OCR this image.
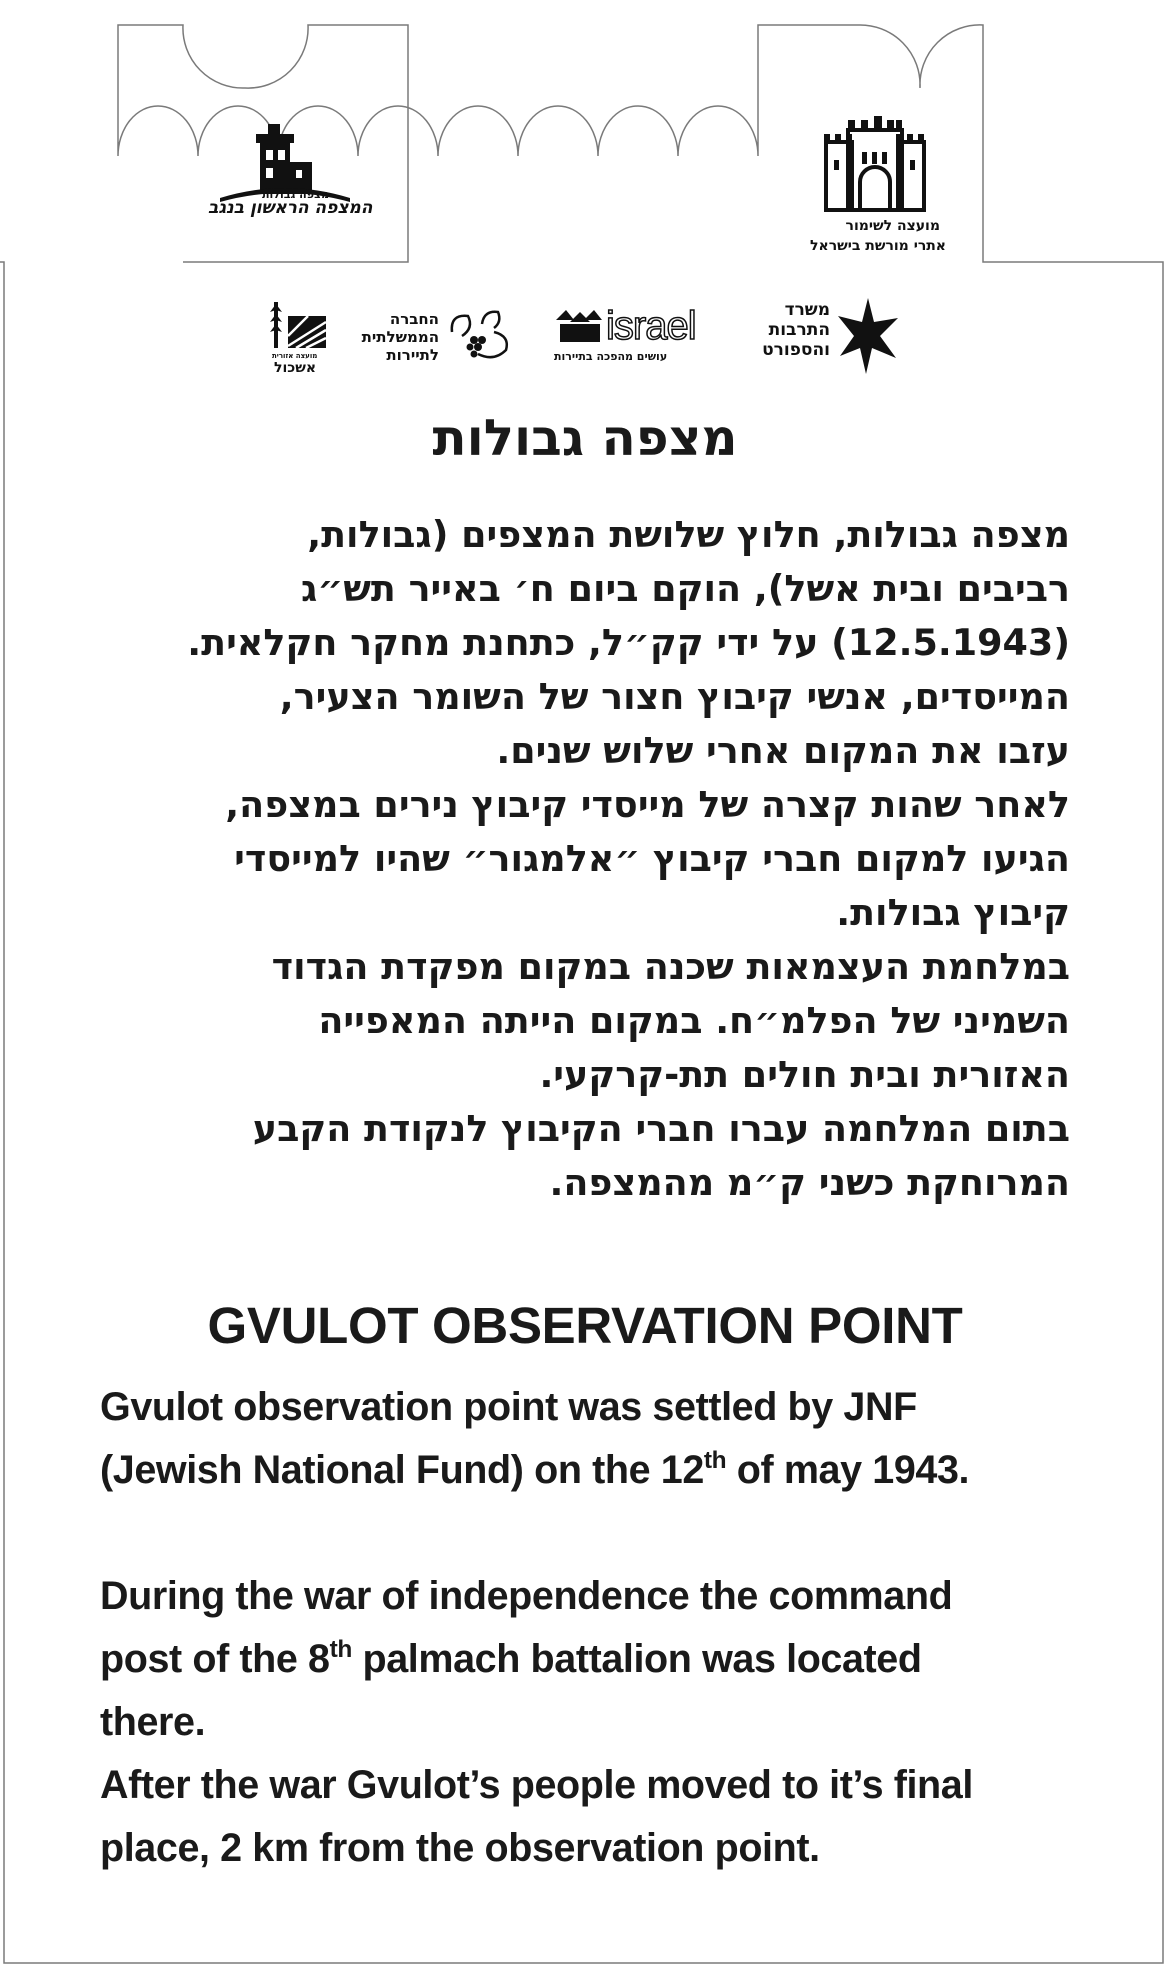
מועצה לשימור
אתרי מורשת בישראל
מצפה גבולות
המצפה הראשון בנגב
משרד
התרבות
והספורט
israel
עושים מהפכה בתיירות
החברה
הממשלתית
לתיירות
מועצה אזורית
אשכול
מצפה גבולות
מצפה גבולות, חלוץ שלושת המצפים (גבולות,
רביבים ובית אשל), הוקם ביום ח׳ באייר תש״ג
(12.5.1943) על ידי קק״ל, כתחנת מחקר חקלאית.
המייסדים, אנשי קיבוץ חצור של השומר הצעיר,
עזבו את המקום אחרי שלוש שנים.
לאחר שהות קצרה של מייסדי קיבוץ נירים במצפה,
הגיעו למקום חברי קיבוץ ״אלמגור״ שהיו למייסדי
קיבוץ גבולות.
במלחמת העצמאות שכנה במקום מפקדת הגדוד
השמיני של הפלמ״ח. במקום הייתה המאפייה
האזורית ובית חולים תת-קרקעי.
בתום המלחמה עברו חברי הקיבוץ לנקודת הקבע
המרוחקת כשני ק״מ מהמצפה.
GVULOT OBSERVATION POINT
Gvulot observation point was settled by JNF
(Jewish National Fund) on the 12th of may 1943.
During the war of independence the command
post of the 8th palmach battalion was located
there.
After the war Gvulot’s people moved to it’s final
place, 2 km from the observation point.
